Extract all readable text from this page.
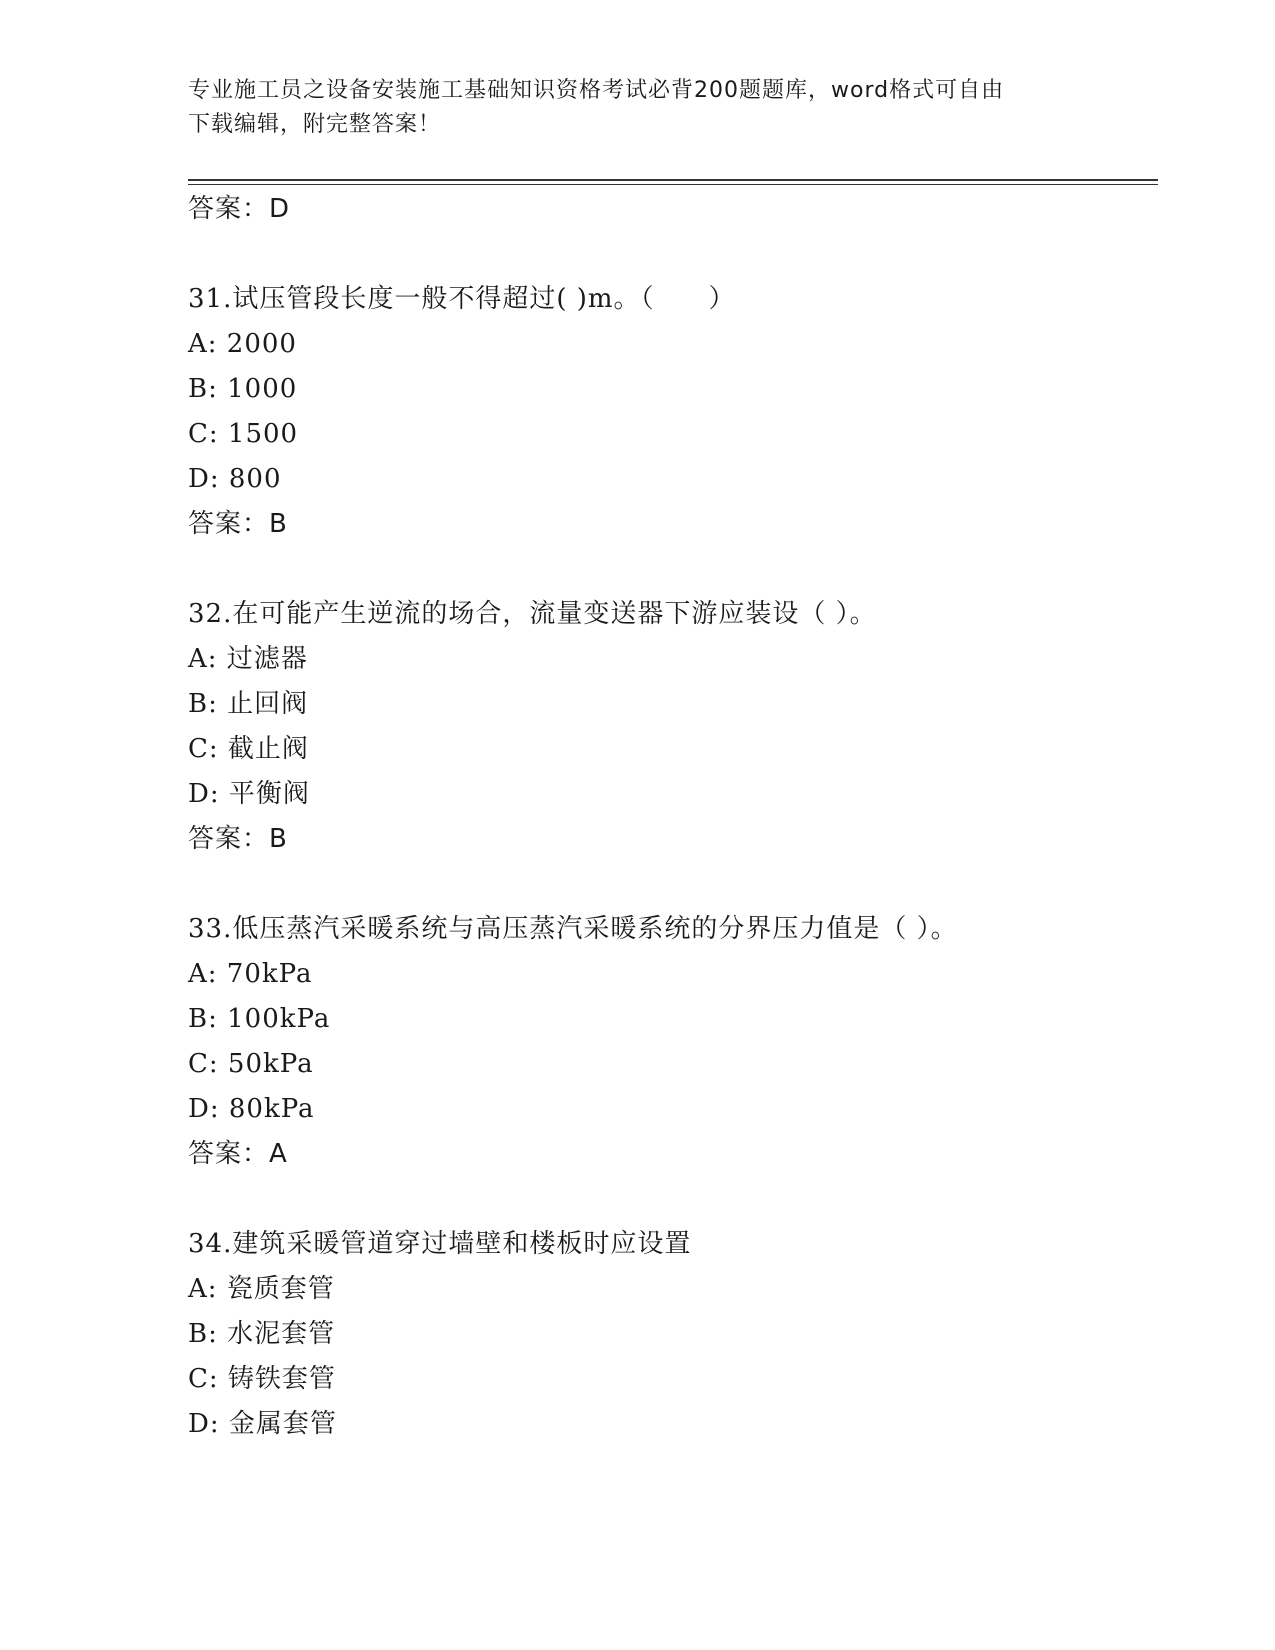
专业施工员之设备安装施工基础知识资格考试必背200题题库，word格式可自由
下载编辑，附完整答案！
答案：D
31.试压管段长度一般不得超过( )m。（　　）
A: 2000
B: 1000
C: 1500
D: 800
答案：B
32.在可能产生逆流的场合，流量变送器下游应装设（ ）。
A: 过滤器
B: 止回阀
C: 截止阀
D: 平衡阀
答案：B
33.低压蒸汽采暖系统与高压蒸汽采暖系统的分界压力值是（ ）。
A: 70kPa
B: 100kPa
C: 50kPa
D: 80kPa
答案：A
34.建筑采暖管道穿过墙壁和楼板时应设置
A: 瓷质套管
B: 水泥套管
C: 铸铁套管
D: 金属套管
